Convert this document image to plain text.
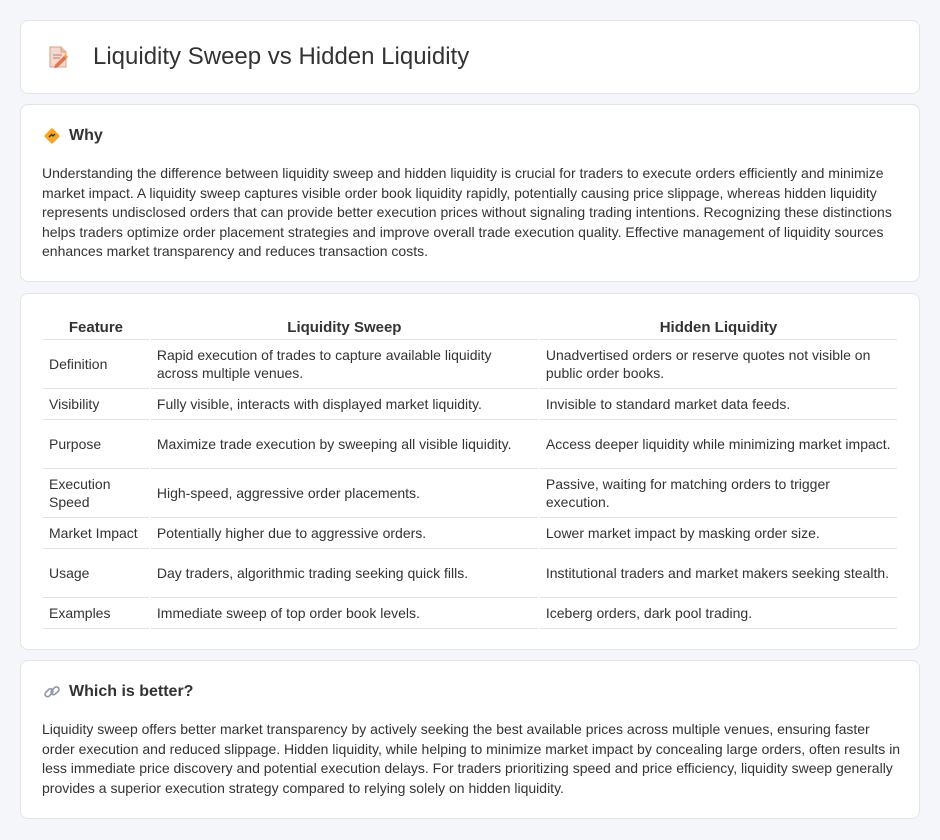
Liquidity Sweep vs Hidden Liquidity
Why

Understanding the difference between liquidity sweep and hidden liquidity is crucial for traders to execute orders efficiently and minimize market impact. A liquidity sweep captures visible order book liquidity rapidly, potentially causing price slippage, whereas hidden liquidity represents undisclosed orders that can provide better execution prices without signaling trading intentions. Recognizing these distinctions helps traders optimize order placement strategies and improve overall trade execution quality. Effective management of liquidity sources enhances market transparency and reduces transaction costs.

Feature	Liquidity Sweep	Hidden Liquidity
Definition	Rapid execution of trades to capture available liquidity across multiple venues.	Unadvertised orders or reserve quotes not visible on public order books.
Visibility	Fully visible, interacts with displayed market liquidity.	Invisible to standard market data feeds.
Purpose	Maximize trade execution by sweeping all visible liquidity.	Access deeper liquidity while minimizing market impact.
Execution Speed	High-speed, aggressive order placements.	Passive, waiting for matching orders to trigger execution.
Market Impact	Potentially higher due to aggressive orders.	Lower market impact by masking order size.
Usage	Day traders, algorithmic trading seeking quick fills.	Institutional traders and market makers seeking stealth.
Examples	Immediate sweep of top order book levels.	Iceberg orders, dark pool trading.
Which is better?

Liquidity sweep offers better market transparency by actively seeking the best available prices across multiple venues, ensuring faster order execution and reduced slippage. Hidden liquidity, while helping to minimize market impact by concealing large orders, often results in less immediate price discovery and potential execution delays. For traders prioritizing speed and price efficiency, liquidity sweep generally provides a superior execution strategy compared to relying solely on hidden liquidity.
